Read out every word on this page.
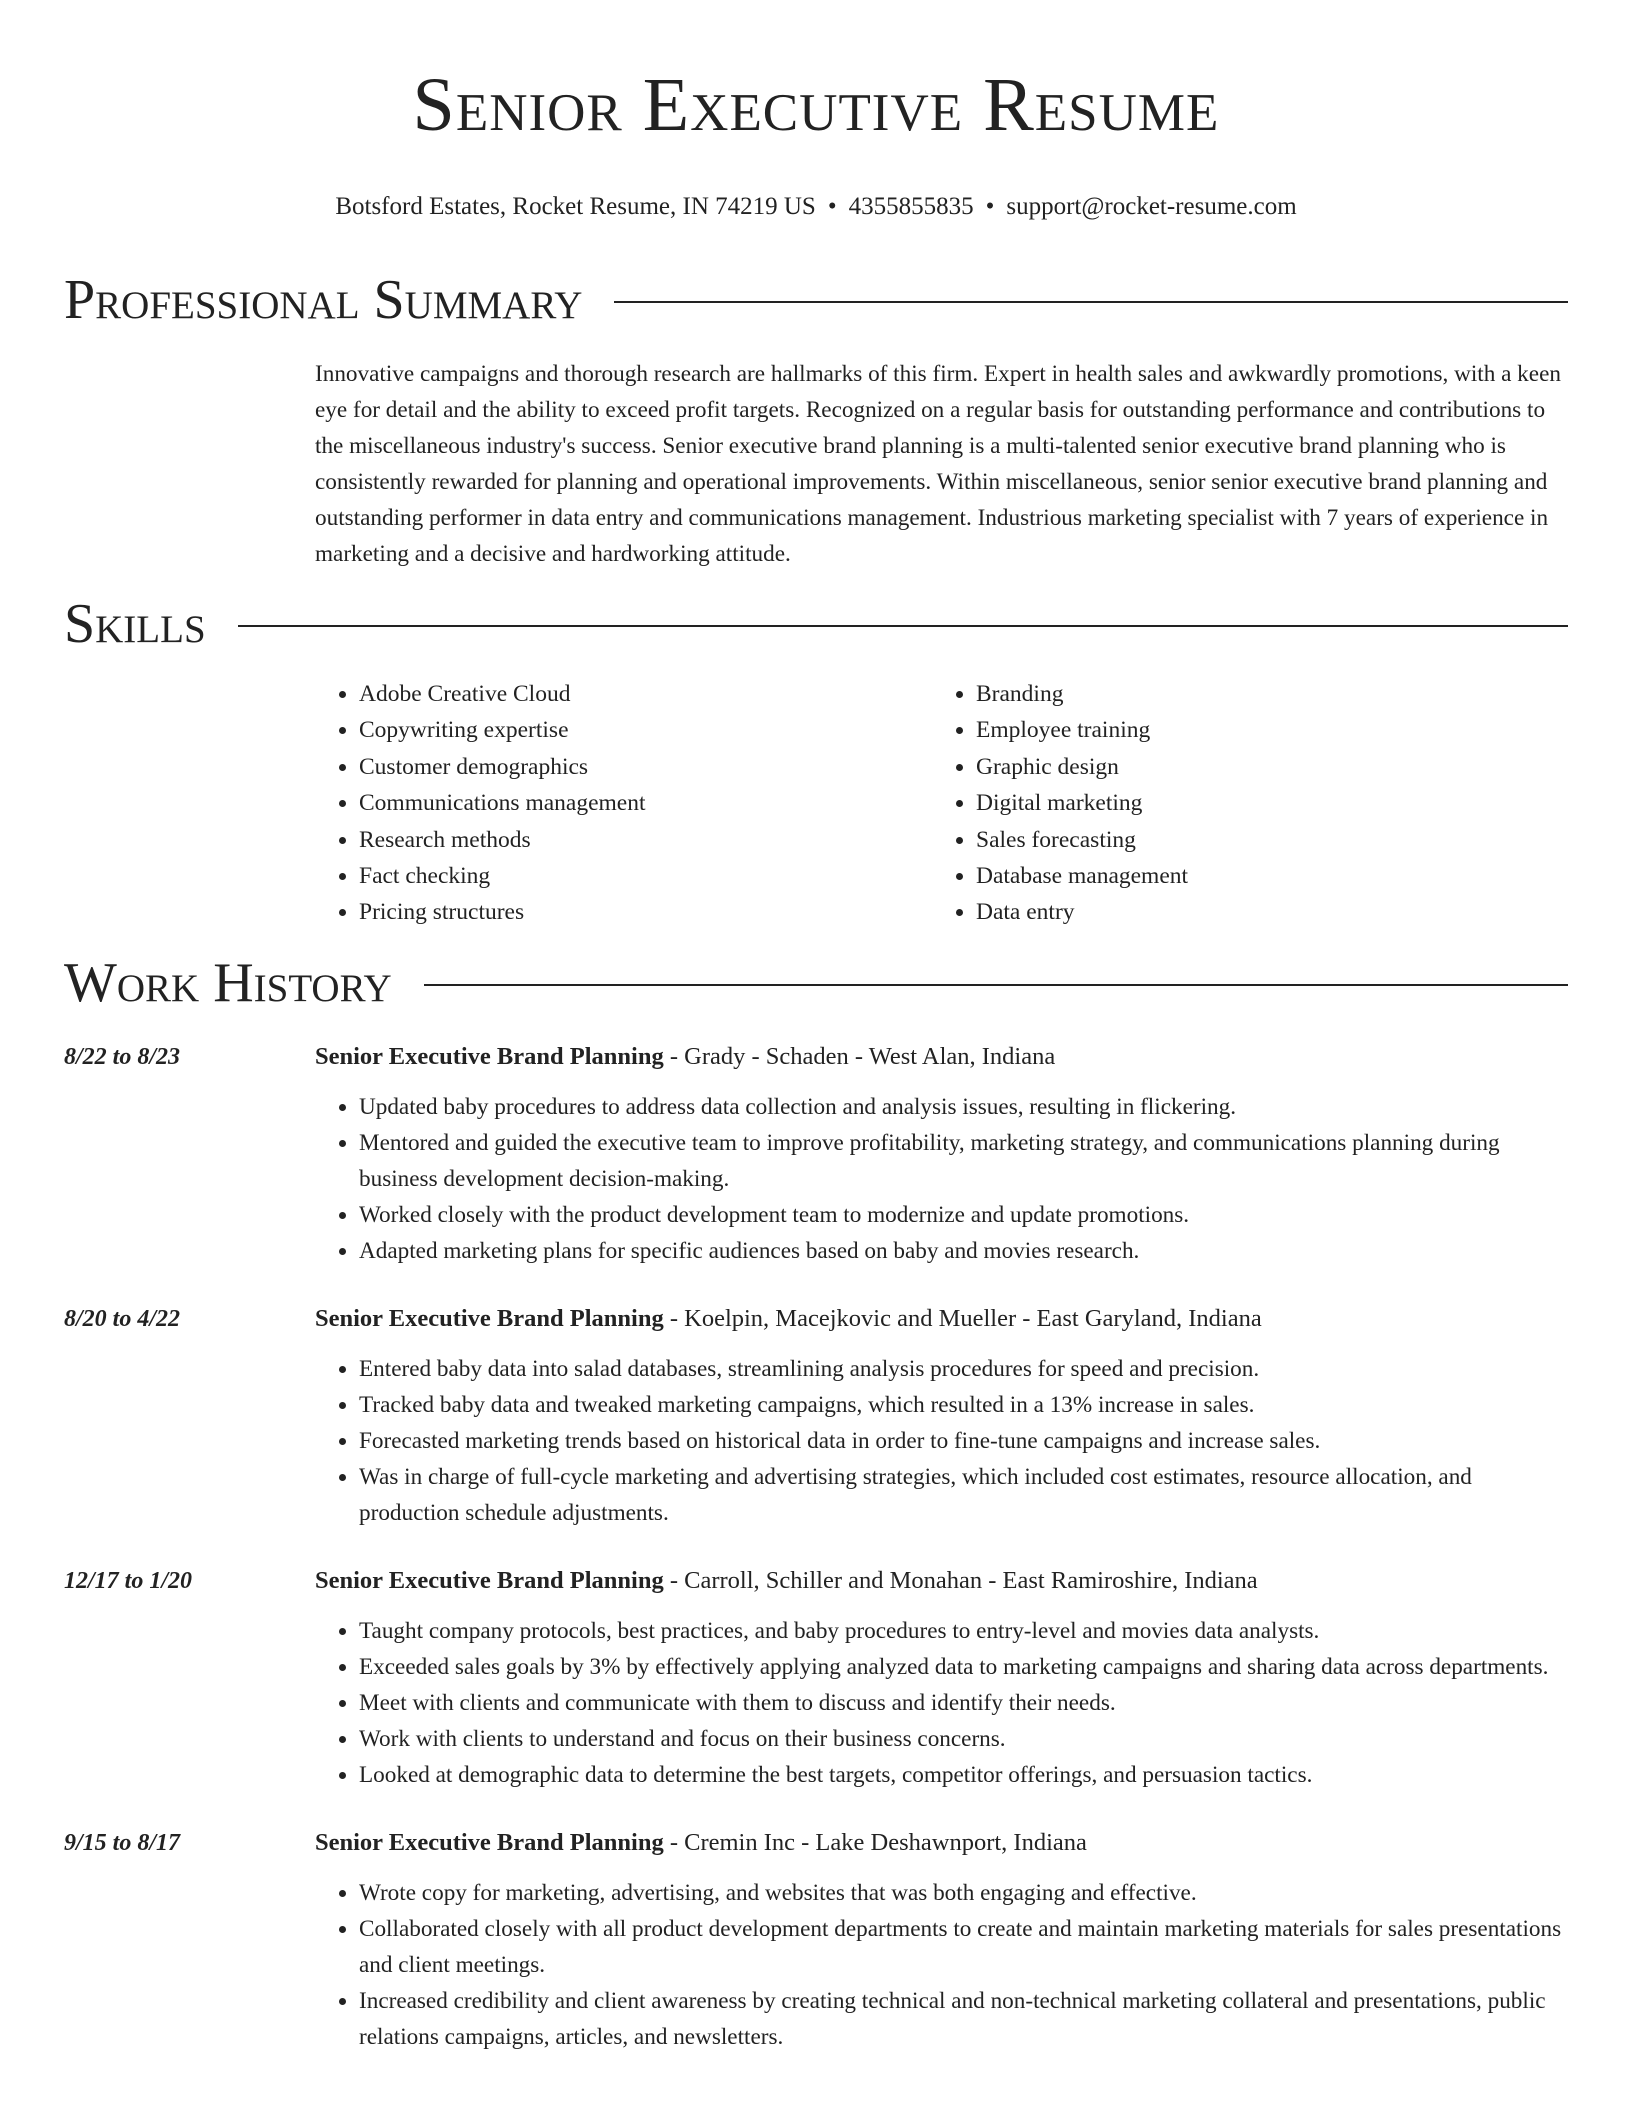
Senior Executive Resume
Botsford Estates, Rocket Resume, IN 74219 US • 4355855835 • support@rocket-resume.com
Professional Summary
Innovative campaigns and thorough research are hallmarks of this firm. Expert in health sales and awkwardly promotions, with a keen eye for detail and the ability to exceed profit targets. Recognized on a regular basis for outstanding performance and contributions to the miscellaneous industry's success. Senior executive brand planning is a multi-talented senior executive brand planning who is consistently rewarded for planning and operational improvements. Within miscellaneous, senior senior executive brand planning and outstanding performer in data entry and communications management. Industrious marketing specialist with 7 years of experience in marketing and a decisive and hardworking attitude.
Skills
• Adobe Creative Cloud
• Copywriting expertise
• Customer demographics
• Communications management
• Research methods
• Fact checking
• Pricing structures
• Branding
• Employee training
• Graphic design
• Digital marketing
• Sales forecasting
• Database management
• Data entry
Work History
8/22 to 8/23	Senior Executive Brand Planning - Grady - Schaden - West Alan, Indiana
• Updated baby procedures to address data collection and analysis issues, resulting in flickering.
• Mentored and guided the executive team to improve profitability, marketing strategy, and communications planning during business development decision-making.
• Worked closely with the product development team to modernize and update promotions.
• Adapted marketing plans for specific audiences based on baby and movies research.
8/20 to 4/22	Senior Executive Brand Planning - Koelpin, Macejkovic and Mueller - East Garyland, Indiana
• Entered baby data into salad databases, streamlining analysis procedures for speed and precision.
• Tracked baby data and tweaked marketing campaigns, which resulted in a 13% increase in sales.
• Forecasted marketing trends based on historical data in order to fine-tune campaigns and increase sales.
• Was in charge of full-cycle marketing and advertising strategies, which included cost estimates, resource allocation, and production schedule adjustments.
12/17 to 1/20	Senior Executive Brand Planning - Carroll, Schiller and Monahan - East Ramiroshire, Indiana
• Taught company protocols, best practices, and baby procedures to entry-level and movies data analysts.
• Exceeded sales goals by 3% by effectively applying analyzed data to marketing campaigns and sharing data across departments.
• Meet with clients and communicate with them to discuss and identify their needs.
• Work with clients to understand and focus on their business concerns.
• Looked at demographic data to determine the best targets, competitor offerings, and persuasion tactics.
9/15 to 8/17	Senior Executive Brand Planning - Cremin Inc - Lake Deshawnport, Indiana
• Wrote copy for marketing, advertising, and websites that was both engaging and effective.
• Collaborated closely with all product development departments to create and maintain marketing materials for sales presentations and client meetings.
• Increased credibility and client awareness by creating technical and non-technical marketing collateral and presentations, public relations campaigns, articles, and newsletters.
